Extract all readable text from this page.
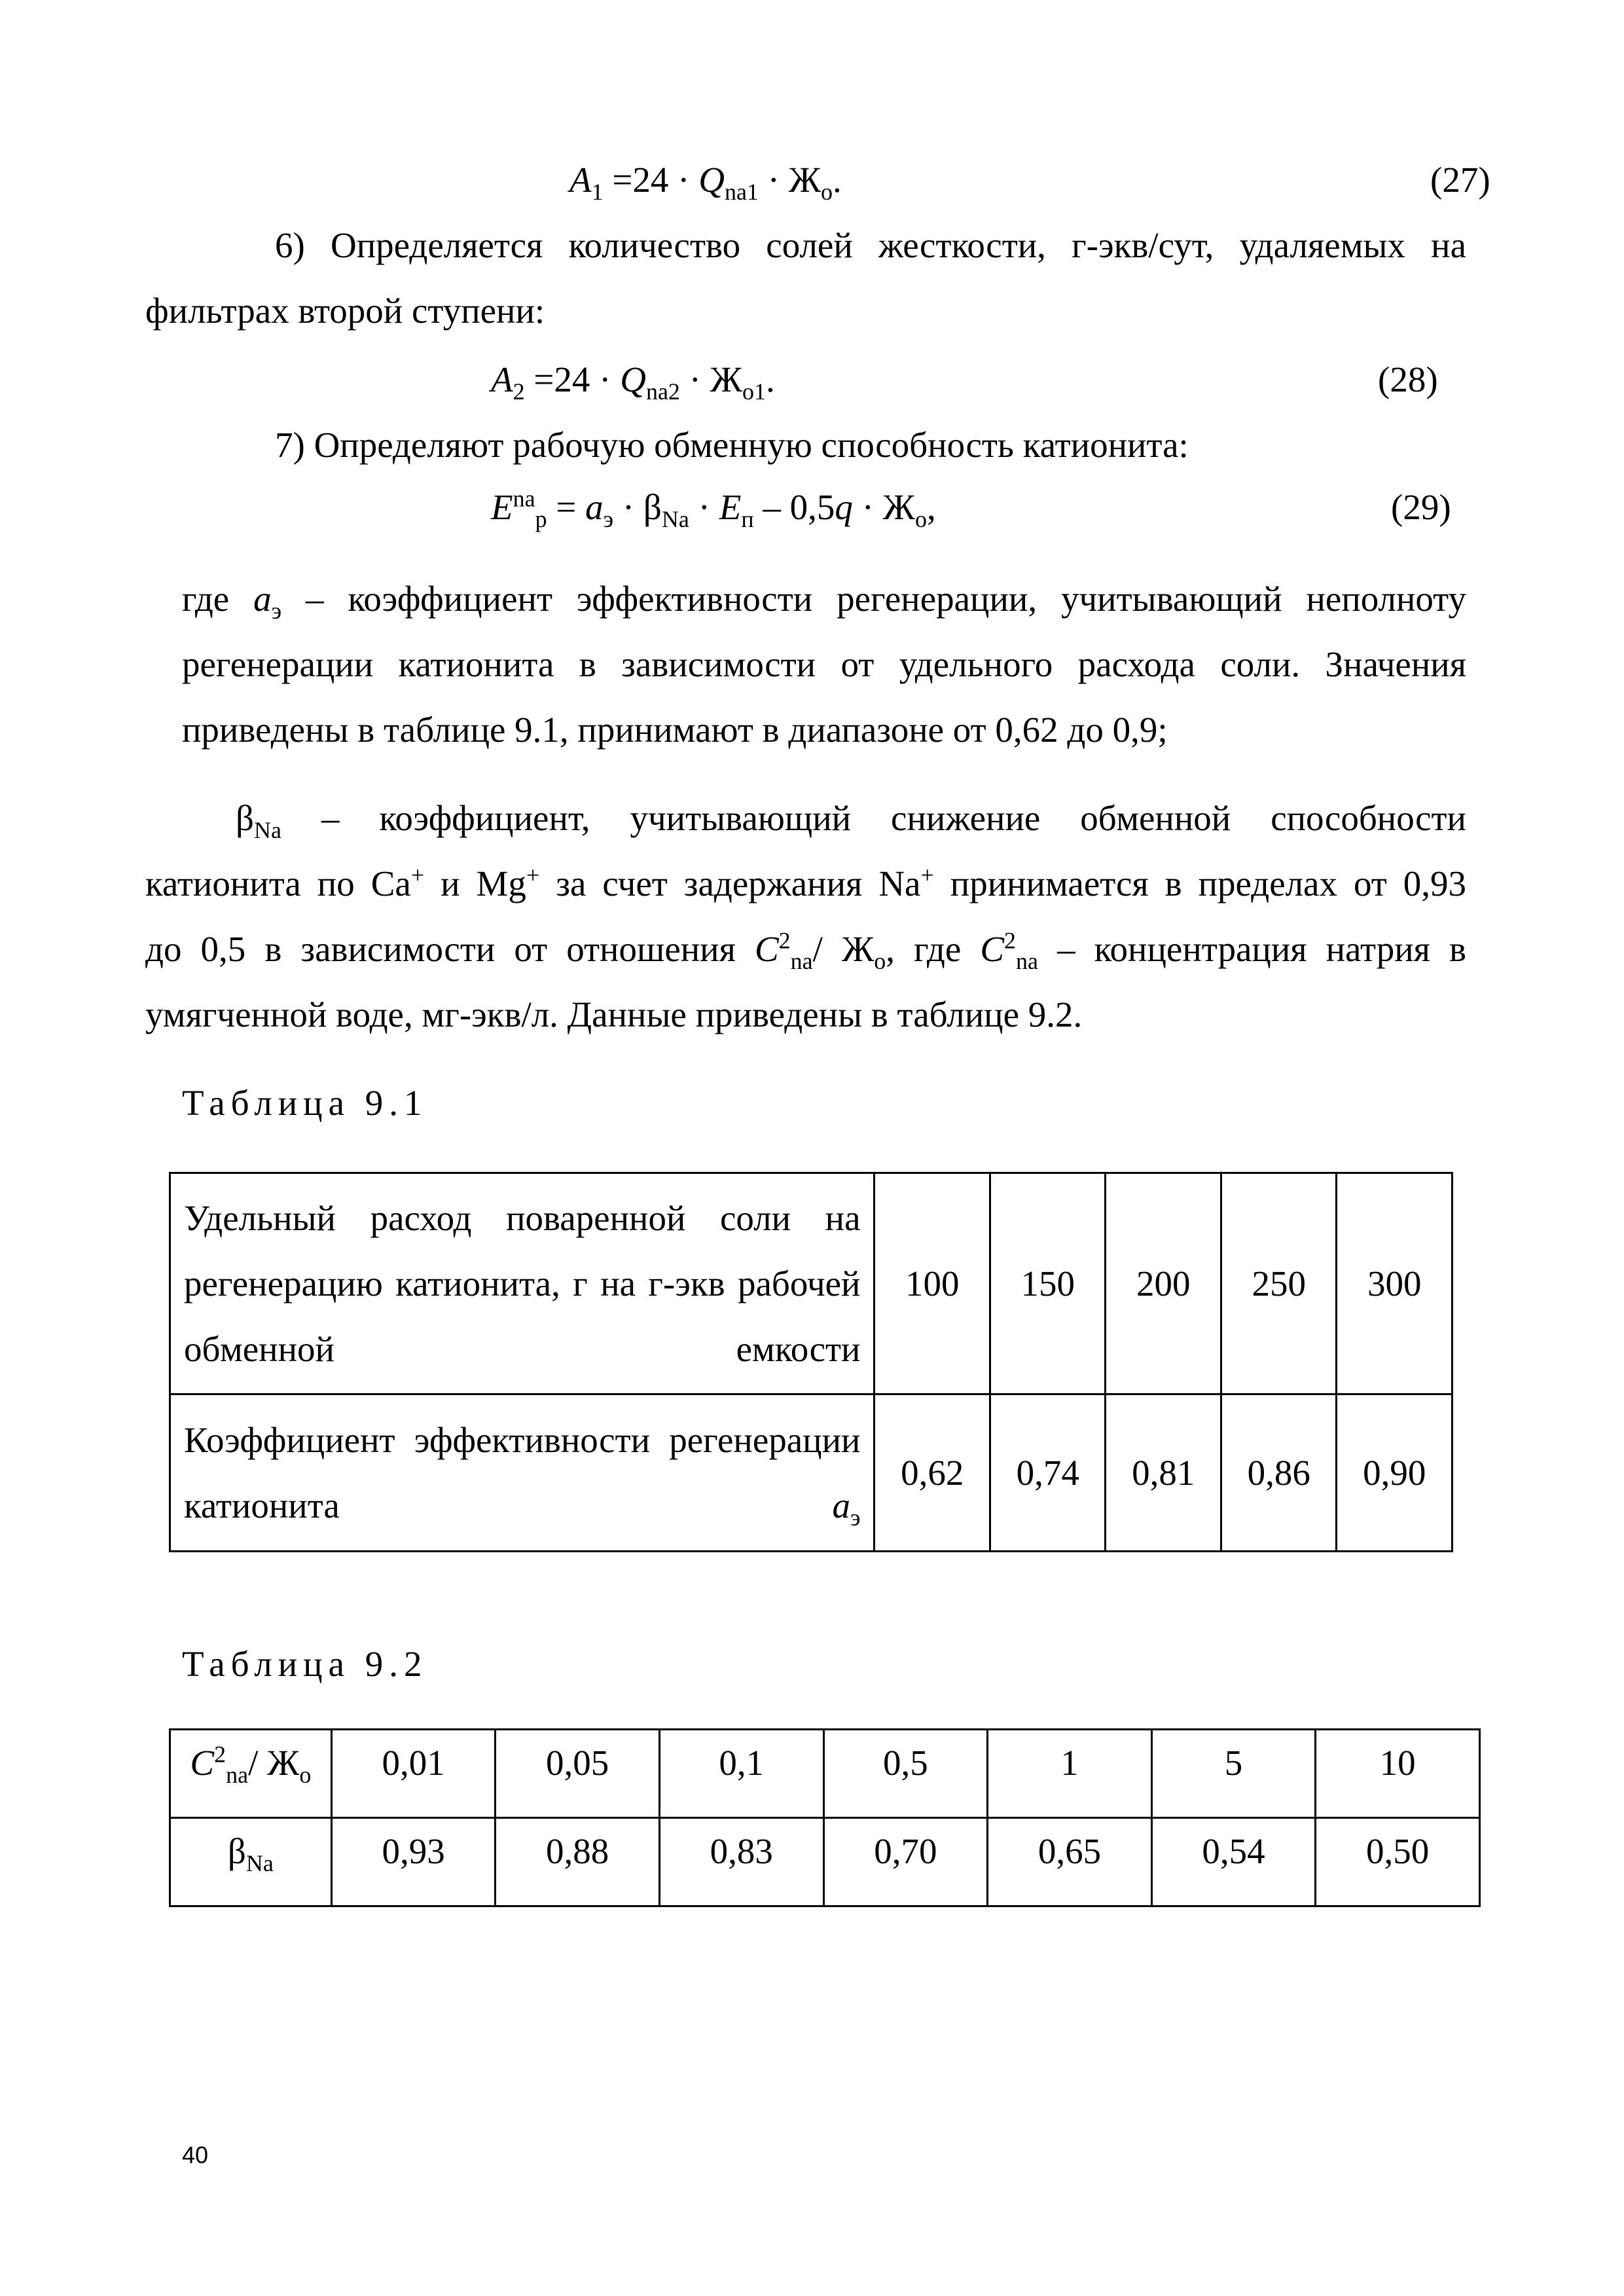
$A_1 =24 \cdot Q_{na1} \cdot Ж_о$.	(27)
6) Определяется количество солей жесткости, г-экв/сут, удаляемых на
фильтрах второй ступени:
$A_2 =24 \cdot Q_{na2} \cdot Ж_{о1}$.	(28)
7) Определяют рабочую обменную способность катионита:
$E^{na}_р = a_э \cdot \beta_{Na} \cdot E_п - 0,5q \cdot Ж_о$,	(29)
где $a_э$ – коэффициент эффективности регенерации, учитывающий неполноту
регенерации катионита в зависимости от удельного расхода соли. Значения
приведены в таблице 9.1, принимают в диапазоне от 0,62 до 0,9;
$\beta_{Na}$ – коэффициент, учитывающий снижение обменной способности
катионита по Ca+ и Mg+ за счет задержания Na+ принимается в пределах от 0,93
до 0,5 в зависимости от отношения $C^2_{na}/$ $Ж_о$, где $C^2_{na}$ – концентрация натрия в
умягченной воде, мг-экв/л. Данные приведены в таблице 9.2.
Таблица 9.1
Удельный расход поваренной соли на регенерацию катионита, г на г-экв рабочей обменной емкости	100	150	200	250	300

Коэффициент эффективности регенерации катионита $a_э$	0,62	0,74	0,81	0,86	0,90
Таблица 9.2
$C^2_{na}/$ $Ж_о$	0,01	0,05	0,1	0,5	1	5	10
$\beta_{Na}$	0,93	0,88	0,83	0,70	0,65	0,54	0,50
40
